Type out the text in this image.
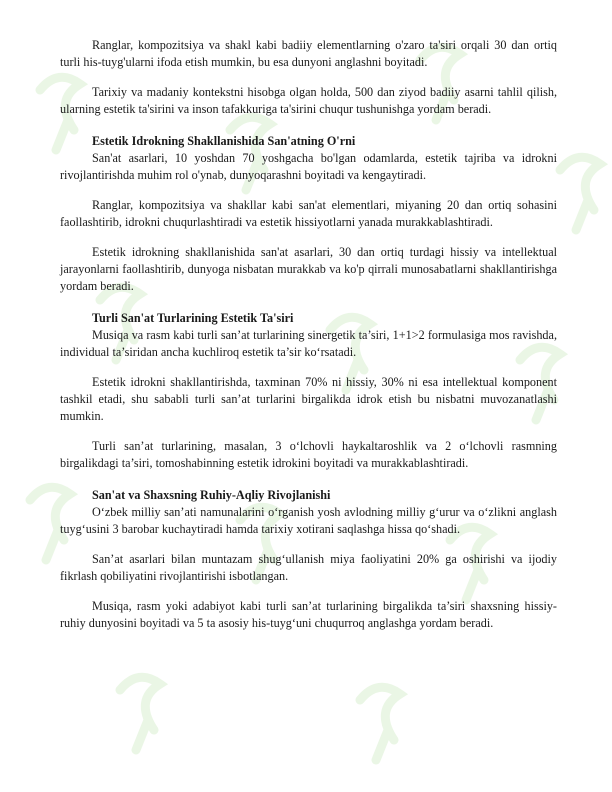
Ranglar, kompozitsiya va shakl kabi badiiy elementlarning o'zaro ta'siri orqali 30 dan ortiq turli his-tuyg'ularni ifoda etish mumkin, bu esa dunyoni anglashni boyitadi.

Tarixiy va madaniy kontekstni hisobga olgan holda, 500 dan ziyod badiiy asarni tahlil qilish, ularning estetik ta'sirini va inson tafakkuriga ta'sirini chuqur tushunishga yordam beradi.

Estetik Idrokning Shakllanishida San'atning O'rni

San'at asarlari, 10 yoshdan 70 yoshgacha bo'lgan odamlarda, estetik tajriba va idrokni rivojlantirishda muhim rol o'ynab, dunyoqarashni boyitadi va kengaytiradi.

Ranglar, kompozitsiya va shakllar kabi san'at elementlari, miyaning 20 dan ortiq sohasini faollashtirib, idrokni chuqurlashtiradi va estetik hissiyotlarni yanada murakkablashtiradi.

Estetik idrokning shakllanishida san'at asarlari, 30 dan ortiq turdagi hissiy va intellektual jarayonlarni faollashtirib, dunyoga nisbatan murakkab va ko'p qirrali munosabatlarni shakllantirishga yordam beradi.

Turli San'at Turlarining Estetik Ta'siri

Musiqa va rasm kabi turli san’at turlarining sinergetik ta’siri, 1+1>2 formulasiga mos ravishda, individual ta’siridan ancha kuchliroq estetik ta’sir ko‘rsatadi.

Estetik idrokni shakllantirishda, taxminan 70% ni hissiy, 30% ni esa intellektual komponent tashkil etadi, shu sababli turli san’at turlarini birgalikda idrok etish bu nisbatni muvozanatlashi mumkin.

Turli san’at turlarining, masalan, 3 o‘lchovli haykaltaroshlik va 2 o‘lchovli rasmning birgalikdagi ta’siri, tomoshabinning estetik idrokini boyitadi va murakkablashtiradi.

San'at va Shaxsning Ruhiy-Aqliy Rivojlanishi

O‘zbek milliy san’ati namunalarini o‘rganish yosh avlodning milliy g‘urur va o‘zlikni anglash tuyg‘usini 3 barobar kuchaytiradi hamda tarixiy xotirani saqlashga hissa qo‘shadi.

San’at asarlari bilan muntazam shug‘ullanish miya faoliyatini 20% ga oshirishi va ijodiy fikrlash qobiliyatini rivojlantirishi isbotlangan.

Musiqa, rasm yoki adabiyot kabi turli san’at turlarining birgalikda ta’siri shaxsning hissiy-ruhiy dunyosini boyitadi va 5 ta asosiy his-tuyg‘uni chuqurroq anglashga yordam beradi.
